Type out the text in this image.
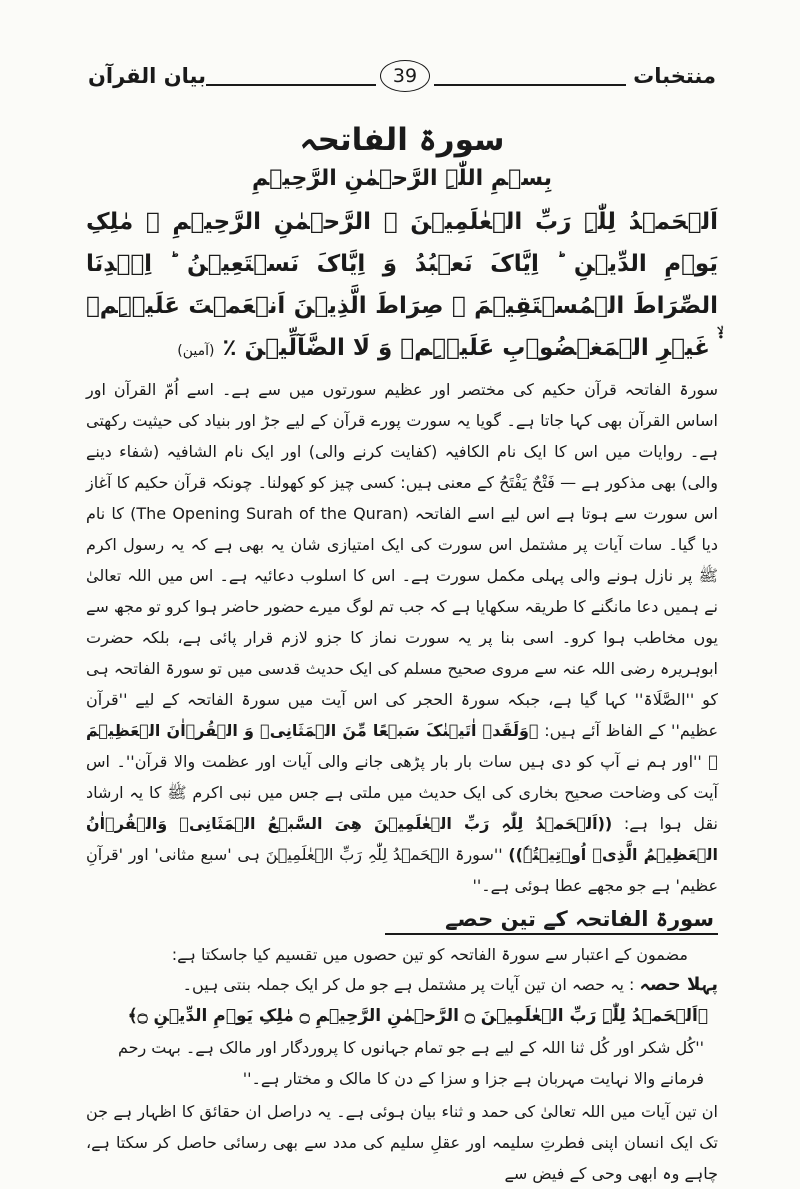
بیان القرآن	39	منتخبات
سورۃ الفاتحہ
بِسۡمِ اللّٰہِ الرَّحۡمٰنِ الرَّحِیۡمِ
اَلۡحَمۡدُ لِلّٰہِ رَبِّ الۡعٰلَمِیۡنَ ۙ الرَّحۡمٰنِ الرَّحِیۡمِ ۙ مٰلِکِ یَوۡمِ الدِّیۡنِ ؕ اِیَّاکَ نَعۡبُدُ وَ اِیَّاکَ نَسۡتَعِیۡنُ ؕ اِہۡدِنَا الصِّرَاطَ الۡمُسۡتَقِیۡمَ ۙ صِرَاطَ الَّذِیۡنَ اَنۡعَمۡتَ عَلَیۡہِمۡ ۬ۙ غَیۡرِ الۡمَغۡضُوۡبِ عَلَیۡہِمۡ وَ لَا الضَّآلِّیۡنَ ٪ (آمین)
سورۃ الفاتحہ قرآن حکیم کی مختصر اور عظیم سورتوں میں سے ہے۔ اسے اُمّ القرآن اور اساس القرآن بھی کہا جاتا ہے۔ گویا یہ سورت پورے قرآن کے لیے جڑ اور بنیاد کی حیثیت رکھتی ہے۔ روایات میں اس کا ایک نام الکافیہ (کفایت کرنے والی) اور ایک نام الشافیہ (شفاء دینے والی) بھی مذکور ہے — فَتْحٌ یَفْتَحُ کے معنی ہیں: کسی چیز کو کھولنا۔ چونکہ قرآن حکیم کا آغاز اس سورت سے ہوتا ہے اس لیے اسے الفاتحہ (The Opening Surah of the Quran) کا نام دیا گیا۔ سات آیات پر مشتمل اس سورت کی ایک امتیازی شان یہ بھی ہے کہ یہ رسول اکرم ﷺ پر نازل ہونے والی پہلی مکمل سورت ہے۔ اس کا اسلوب دعائیہ ہے۔ اس میں اللہ تعالیٰ نے ہمیں دعا مانگنے کا طریقہ سکھایا ہے کہ جب تم لوگ میرے حضور حاضر ہوا کرو تو مجھ سے یوں مخاطب ہوا کرو۔ اسی بنا پر یہ سورت نماز کا جزو لازم قرار پائی ہے، بلکہ حضرت ابوہریرہ رضی اللہ عنہ سے مروی صحیح مسلم کی ایک حدیث قدسی میں تو سورۃ الفاتحہ ہی کو ''الصَّلَاۃ'' کہا گیا ہے، جبکہ سورۃ الحجر کی اس آیت میں سورۃ الفاتحہ کے لیے ''قرآن عظیم'' کے الفاظ آئے ہیں: ﴿وَلَقَدۡ اٰتَیۡنٰکَ سَبۡعًا مِّنَ الۡمَثَانِیۡ وَ الۡقُرۡاٰنَ الۡعَظِیۡمَ ﴾ ''اور ہم نے آپ کو دی ہیں سات بار بار پڑھی جانے والی آیات اور عظمت والا قرآن''۔ اس آیت کی وضاحت صحیح بخاری کی ایک حدیث میں ملتی ہے جس میں نبی اکرم ﷺ کا یہ ارشاد نقل ہوا ہے: ((اَلۡحَمۡدُ لِلّٰہِ رَبِّ الۡعٰلَمِیۡنَ ھِیَ السَّبۡعُ الۡمَثَانِیۡ وَالۡقُرۡاٰنُ الۡعَظِیۡمُ الَّذِیۡ اُوۡتِیۡتُہٗ)) ''سورۃ الۡحَمۡدُ لِلّٰہِ رَبِّ الۡعٰلَمِیۡنَ ہی 'سبع مثانی' اور 'قرآنِ عظیم' ہے جو مجھے عطا ہوئی ہے۔''
سورۃ الفاتحہ کے تین حصے
مضمون کے اعتبار سے سورۃ الفاتحہ کو تین حصوں میں تقسیم کیا جاسکتا ہے:
پہلا حصہ : یہ حصہ ان تین آیات پر مشتمل ہے جو مل کر ایک جملہ بنتی ہیں۔
﴿اَلۡحَمۡدُ لِلّٰہِ رَبِّ الۡعٰلَمِیۡنَ ۝ الرَّحۡمٰنِ الرَّحِیۡمِ ۝ مٰلِکِ یَوۡمِ الدِّیۡنِ ۝﴾
''کُل شکر اور کُل ثنا اللہ کے لیے ہے جو تمام جہانوں کا پروردگار اور مالک ہے۔ بہت رحم فرمانے والا نہایت مہربان ہے جزا و سزا کے دن کا مالک و مختار ہے۔''
ان تین آیات میں اللہ تعالیٰ کی حمد و ثناء بیان ہوئی ہے۔ یہ دراصل ان حقائق کا اظہار ہے جن تک ایک انسان اپنی فطرتِ سلیمہ اور عقلِ سلیم کی مدد سے بھی رسائی حاصل کر سکتا ہے، چاہے وہ ابھی وحی کے فیض سے
